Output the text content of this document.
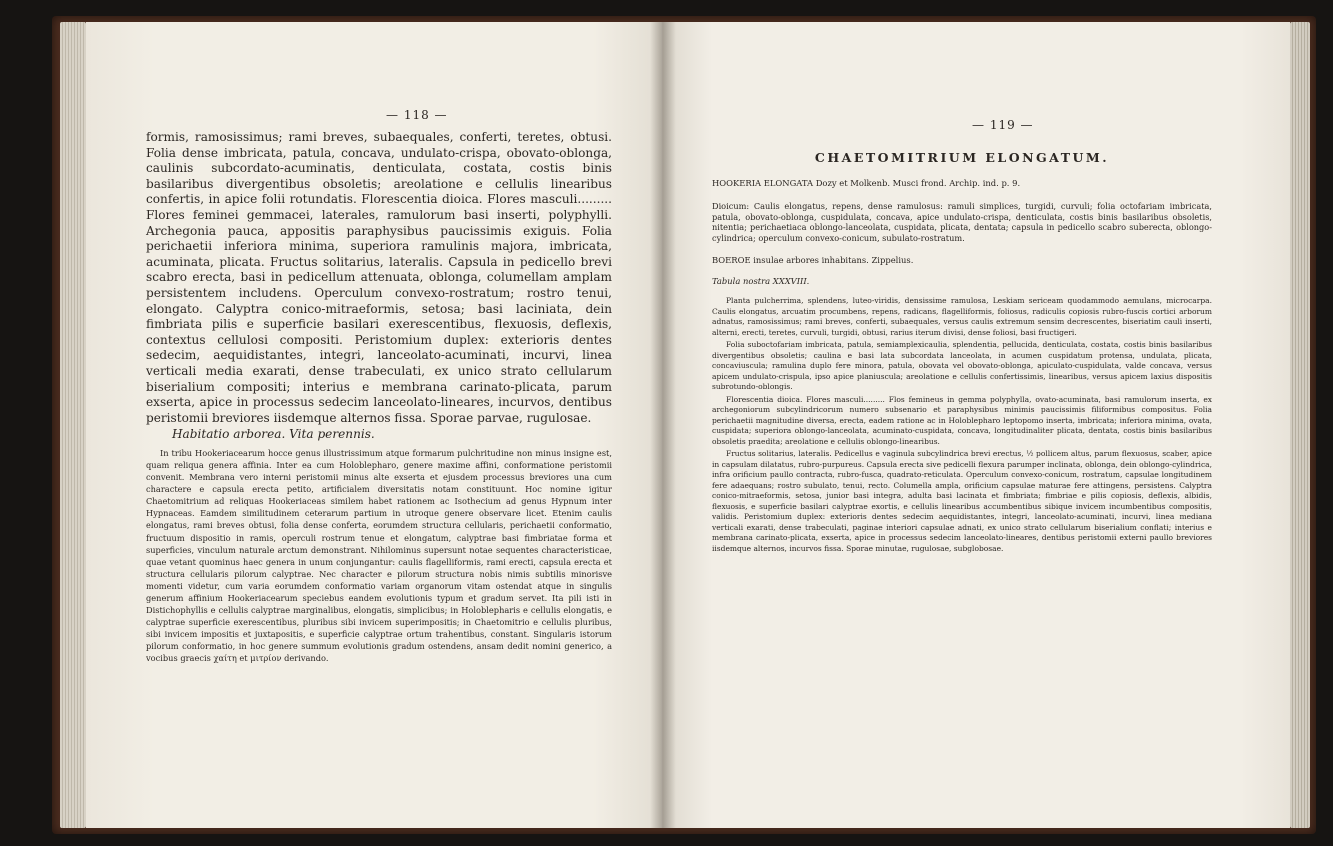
— 118 —

formis, ramosissimus; rami breves, subaequales, conferti, teretes, obtusi. Folia dense imbricata, patula, concava, undulato-crispa, obovato-oblonga, caulinis subcordato-acuminatis, denticulata, costata, costis binis basilaribus divergentibus obsoletis; areolatione e cellulis linearibus confertis, in apice folii rotundatis. Florescentia dioica. Flores masculi......... Flores feminei gemmacei, laterales, ramulorum basi inserti, polyphylli. Archegonia pauca, appositis paraphysibus paucissimis exiguis. Folia perichaetii inferiora minima, superiora ramulinis majora, imbricata, acuminata, plicata. Fructus solitarius, lateralis. Capsula in pedicello brevi scabro erecta, basi in pedicellum attenuata, oblonga, columellam amplam persistentem includens. Operculum convexo-rostratum; rostro tenui, elongato. Calyptra conico-mitraeformis, setosa; basi laciniata, dein fimbriata pilis e superficie basilari exerescentibus, flexuosis, deflexis, contextus cellulosi compositi. Peristomium duplex: exterioris dentes sedecim, aequidistantes, integri, lanceolato-acuminati, incurvi, linea verticali media exarati, dense trabeculati, ex unico strato cellularum biserialium compositi; interius e membrana carinato-plicata, parum exserta, apice in processus sedecim lanceolato-lineares, incurvos, dentibus peristomii breviores iisdemque alternos fissa. Sporae parvae, rugulosae.

Habitatio arborea. Vita perennis.

In tribu Hookeriacearum hocce genus illustrissimum atque formarum pulchritudine non minus insigne est, quam reliqua genera affinia. Inter ea cum Holoblepharo, genere maxime affini, conformatione peristomii convenit. Membrana vero interni peristomii minus alte exserta et ejusdem processus breviores una cum charactere e capsula erecta petito, artificialem diversitatis notam constituunt. Hoc nomine igitur Chaetomitrium ad reliquas Hookeriaceas similem habet rationem ac Isothecium ad genus Hypnum inter Hypnaceas. Eamdem similitudinem ceterarum partium in utroque genere observare licet. Etenim caulis elongatus, rami breves obtusi, folia dense conferta, eorumdem structura cellularis, perichaetii conformatio, fructuum dispositio in ramis, operculi rostrum tenue et elongatum, calyptrae basi fimbriatae forma et superficies, vinculum naturale arctum demonstrant. Nihilominus supersunt notae sequentes characteristicae, quae vetant quominus haec genera in unum conjungantur: caulis flagelliformis, rami erecti, capsula erecta et structura cellularis pilorum calyptrae. Nec character e pilorum structura nobis nimis subtilis minorisve momenti videtur, cum varia eorumdem conformatio variam organorum vitam ostendat atque in singulis generum affinium Hookeriacearum speciebus eandem evolutionis typum et gradum servet. Ita pili isti in Distichophyllis e cellulis calyptrae marginalibus, elongatis, simplicibus; in Holoblepharis e cellulis elongatis, e calyptrae superficie exerescentibus, pluribus sibi invicem superimpositis; in Chaetomitrio e cellulis pluribus, sibi invicem impositis et juxtapositis, e superficie calyptrae ortum trahentibus, constant. Singularis istorum pilorum conformatio, in hoc genere summum evolutionis gradum ostendens, ansam dedit nomini generico, a vocibus graecis χαίτη et μιτρίον derivando.

— 119 —
CHAETOMITRIUM ELONGATUM.

HOOKERIA ELONGATA Dozy et Molkenb. Musci frond. Archip. ind. p. 9.

Dioicum: Caulis elongatus, repens, dense ramulosus: ramuli simplices, turgidi, curvuli; folia octofariam imbricata, patula, obovato-oblonga, cuspidulata, concava, apice undulato-crispa, denticulata, costis binis basilaribus obsoletis, nitentia; perichaetiaca oblongo-lanceolata, cuspidata, plicata, dentata; capsula in pedicello scabro suberecta, oblongo-cylindrica; operculum convexo-conicum, subulato-rostratum.

BOEROE insulae arbores inhabitans. Zippelius.

Tabula nostra XXXVIII.

Planta pulcherrima, splendens, luteo-viridis, densissime ramulosa, Leskiam sericeam quodammodo aemulans, microcarpa. Caulis elongatus, arcuatim procumbens, repens, radicans, flagelliformis, foliosus, radiculis copiosis rubro-fuscis cortici arborum adnatus, ramosissimus; rami breves, conferti, subaequales, versus caulis extremum sensim decrescentes, biseriatim cauli inserti, alterni, erecti, teretes, curvuli, turgidi, obtusi, rarius iterum divisi, dense foliosi, basi fructigeri.

Folia suboctofariam imbricata, patula, semiamplexicaulia, splendentia, pellucida, denticulata, costata, costis binis basilaribus divergentibus obsoletis; caulina e basi lata subcordata lanceolata, in acumen cuspidatum protensa, undulata, plicata, concaviuscula; ramulina duplo fere minora, patula, obovata vel obovato-oblonga, apiculato-cuspidulata, valde concava, versus apicem undulato-crispula, ipso apice planiuscula; areolatione e cellulis confertissimis, linearibus, versus apicem laxius dispositis subrotundo-oblongis.

Florescentia dioica. Flores masculi......... Flos femineus in gemma polyphylla, ovato-acuminata, basi ramulorum inserta, ex archegoniorum subcylindricorum numero subsenario et paraphysibus minimis paucissimis filiformibus compositus. Folia perichaetii magnitudine diversa, erecta, eadem ratione ac in Holoblepharo leptopomo inserta, imbricata; inferiora minima, ovata, cuspidata; superiora oblongo-lanceolata, acuminato-cuspidata, concava, longitudinaliter plicata, dentata, costis binis basilaribus obsoletis praedita; areolatione e cellulis oblongo-linearibus.

Fructus solitarius, lateralis. Pedicellus e vaginula subcylindrica brevi erectus, ½ pollicem altus, parum flexuosus, scaber, apice in capsulam dilatatus, rubro-purpureus. Capsula erecta sive pedicelli flexura parumper inclinata, oblonga, dein oblongo-cylindrica, infra orificium paullo contracta, rubro-fusca, quadrato-reticulata. Operculum convexo-conicum, rostratum, capsulae longitudinem fere adaequans; rostro subulato, tenui, recto. Columella ampla, orificium capsulae maturae fere attingens, persistens. Calyptra conico-mitraeformis, setosa, junior basi integra, adulta basi lacinata et fimbriata; fimbriae e pilis copiosis, deflexis, albidis, flexuosis, e superficie basilari calyptrae exortis, e cellulis linearibus accumbentibus sibique invicem incumbentibus compositis, validis. Peristomium duplex: exterioris dentes sedecim aequidistantes, integri, lanceolato-acuminati, incurvi, linea mediana verticali exarati, dense trabeculati, paginae interiori capsulae adnati, ex unico strato cellularum biserialium conflati; interius e membrana carinato-plicata, exserta, apice in processus sedecim lanceolato-lineares, dentibus peristomii externi paullo breviores iisdemque alternos, incurvos fissa. Sporae minutae, rugulosae, subglobosae.
